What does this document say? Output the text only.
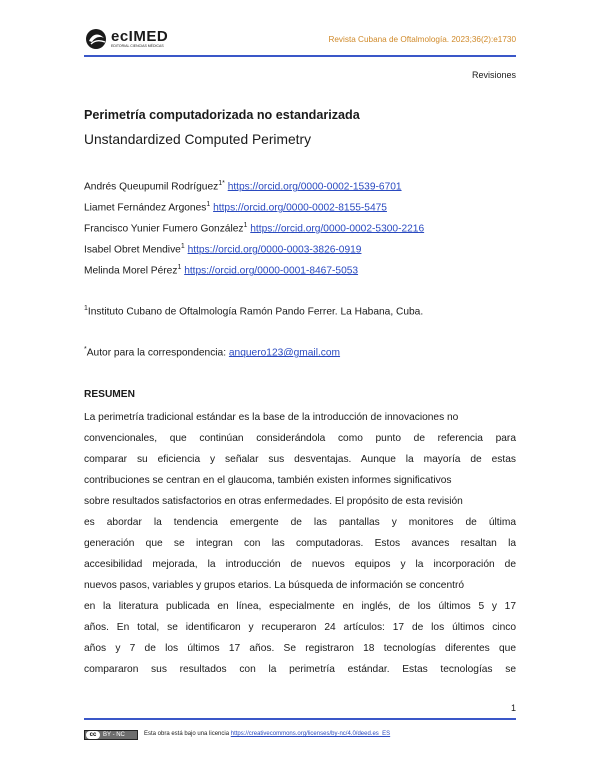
ecIMED
EDITORIAL CIENCIAS MÉDICAS
Revista Cubana de Oftalmología. 2023;36(2):e1730
Revisiones
Perimetría computadorizada no estandarizada
Unstandardized Computed Perimetry
Andrés Queupumil Rodríguez$^{1*}$ https://orcid.org/0000-0002-1539-6701
Liamet Fernández Argones$^1$ https://orcid.org/0000-0002-8155-5475
Francisco Yunier Fumero González$^1$ https://orcid.org/0000-0002-5300-2216
Isabel Obret Mendive$^1$ https://orcid.org/0000-0003-3826-0919
Melinda Morel Pérez$^1$ https://orcid.org/0000-0001-8467-5053
$^1$Instituto Cubano de Oftalmología Ramón Pando Ferrer. La Habana, Cuba.
*Autor para la correspondencia: anquero123@gmail.com
RESUMEN
La perimetría tradicional estándar es la base de la introducción de innovaciones no
convencionales, que continúan considerándola como punto de referencia para
comparar su eficiencia y señalar sus desventajas. Aunque la mayoría de estas
contribuciones se centran en el glaucoma, también existen informes significativos
sobre resultados satisfactorios en otras enfermedades. El propósito de esta revisión
es abordar la tendencia emergente de las pantallas y monitores de última
generación que se integran con las computadoras. Estos avances resaltan la
accesibilidad mejorada, la introducción de nuevos equipos y la incorporación de
nuevos pasos, variables y grupos etarios. La búsqueda de información se concentró
en la literatura publicada en línea, especialmente en inglés, de los últimos 5 y 17
años. En total, se identificaron y recuperaron 24 artículos: 17 de los últimos cinco
años y 7 de los últimos 17 años. Se registraron 18 tecnologías diferentes que
compararon sus resultados con la perimetría estándar. Estas tecnologías se
1
cc	BY - NC	Esta obra está bajo una licencia https://creativecommons.org/licenses/by-nc/4.0/deed.es_ES
